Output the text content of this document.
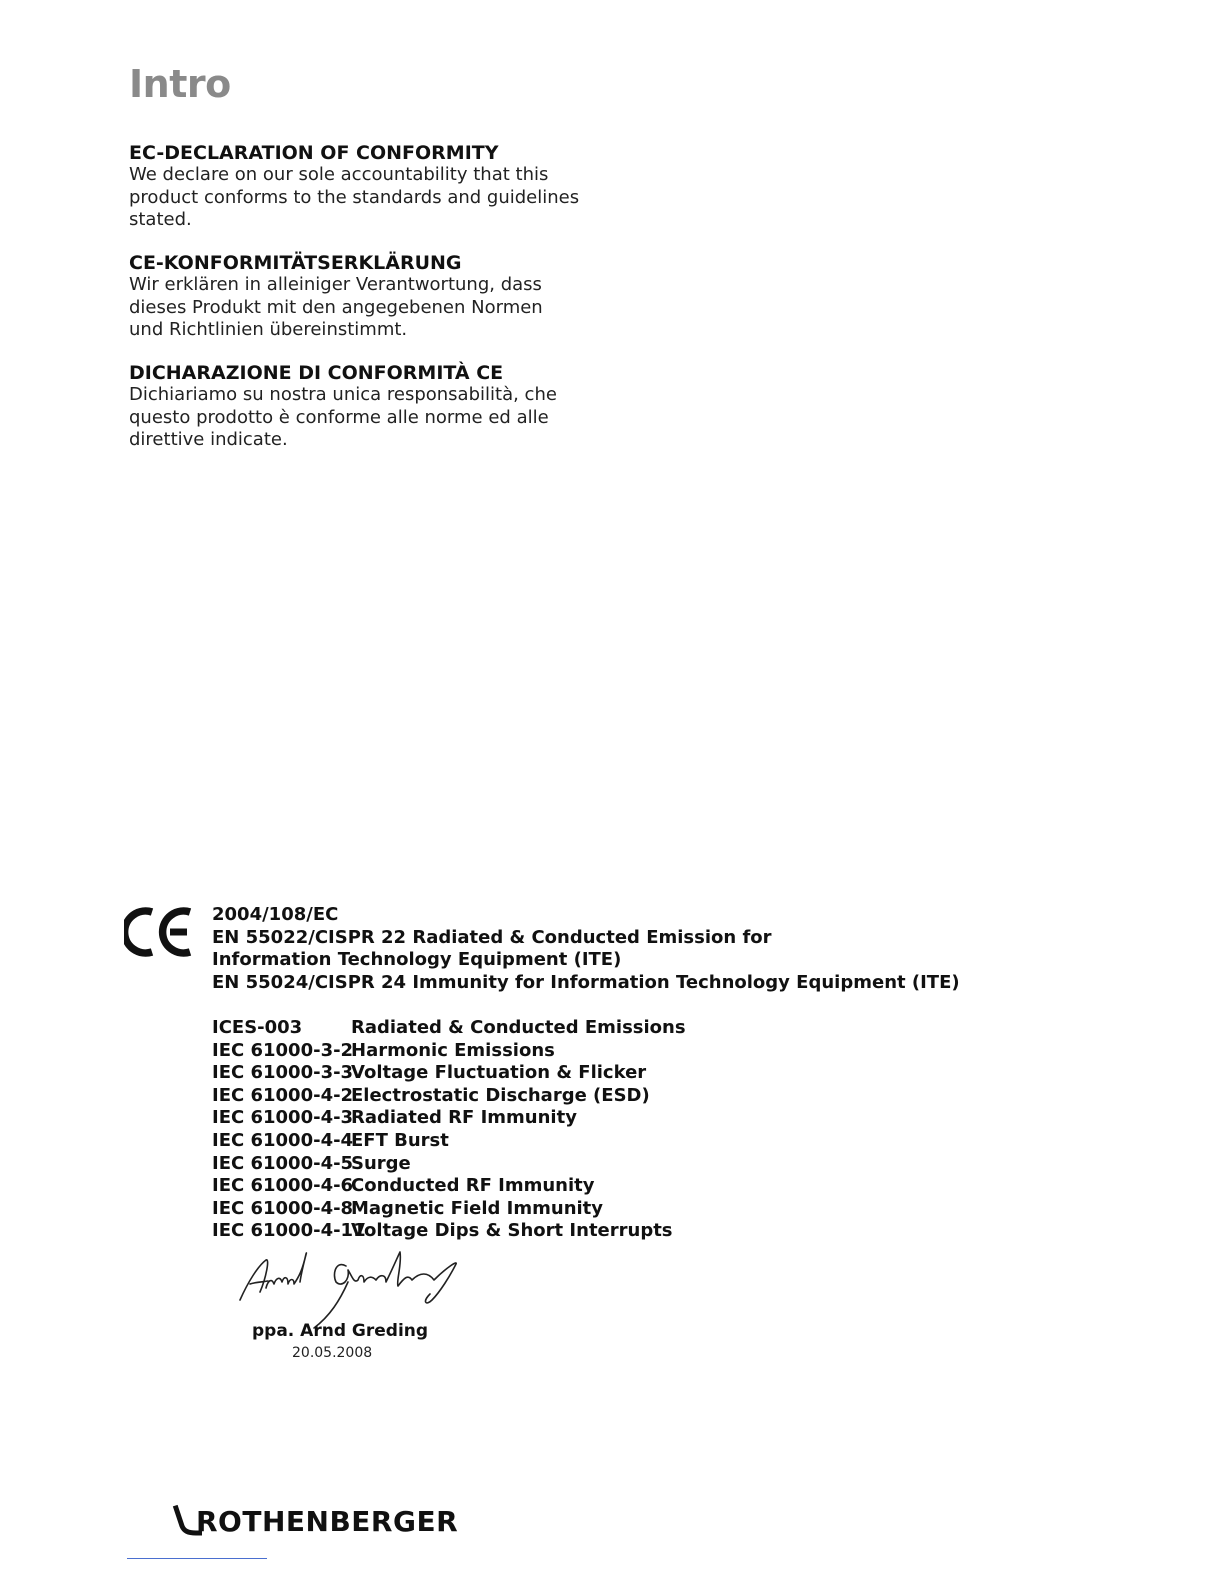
Intro
EC-DECLARATION OF CONFORMITY

We declare on our sole accountability that this
product conforms to the standards and guidelines
stated.

CE-KONFORMITÄTSERKLÄRUNG

Wir erklären in alleiniger Verantwortung, dass
dieses Produkt mit den angegebenen Normen
und Richtlinien übereinstimmt.

DICHARAZIONE DI CONFORMITÀ CE

Dichiariamo su nostra unica responsabilità, che
questo prodotto è conforme alle norme ed alle
direttive indicate.

2004/108/EC
EN 55022/CISPR 22 Radiated & Conducted Emission for
Information Technology Equipment (ITE)
EN 55024/CISPR 24 Immunity for Information Technology Equipment (ITE)
ICES-003	Radiated & Conducted Emissions
IEC 61000-3-2
Harmonic Emissions
IEC 61000-3-3
Voltage Fluctuation & Flicker
IEC 61000-4-2
Electrostatic Discharge (ESD)
IEC 61000-4-3
Radiated RF Immunity
IEC 61000-4-4
EFT Burst
IEC 61000-4-5
Surge
IEC 61000-4-6
Conducted RF Immunity
IEC 61000-4-8
Magnetic Field Immunity
IEC 61000-4-11
Voltage Dips & Short Interrupts
ppa. Arnd Greding
20.05.2008
ROTHENBERGER
